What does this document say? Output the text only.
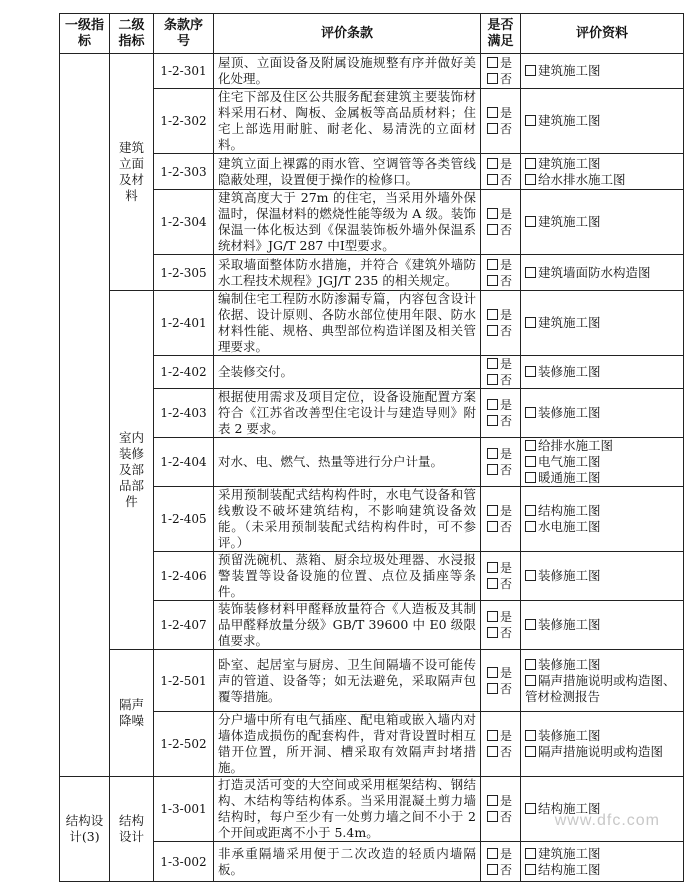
一级指标	二级指标	条款序号	评价条款	是否满足	评价资料
	建筑立面及材料	1-2-301	屋顶、立面设备及附属设施规整有序并做好美化处理。	是
否	建筑施工图

		1-2-302	住宅下部及住区公共服务配套建筑主要装饰材料采用石材、陶板、金属板等高品质材料；住宅上部选用耐脏、耐老化、易清洗的立面材料。	是
否	建筑施工图

		1-2-303	建筑立面上裸露的雨水管、空调管等各类管线隐蔽处理，设置便于操作的检修口。	是
否	建筑施工图
给水排水施工图

		1-2-304	建筑高度大于 27m 的住宅，当采用外墙外保温时，保温材料的燃烧性能等级为 A 级。装饰保温一体化板达到《保温装饰板外墙外保温系统材料》JG/T 287 中Ⅰ型要求。	是
否	建筑施工图

		1-2-305	采取墙面整体防水措施，并符合《建筑外墙防水工程技术规程》JGJ/T 235 的相关规定。	是
否	建筑墙面防水构造图

	室内装修及部品部件	1-2-401	编制住宅工程防水防渗漏专篇，内容包含设计依据、设计原则、各防水部位使用年限、防水材料性能、规格、典型部位构造详图及相关管理要求。	是
否	建筑施工图

		1-2-402	全装修交付。	是
否	装修施工图

		1-2-403	根据使用需求及项目定位，设备设施配置方案符合《江苏省改善型住宅设计与建造导则》附表 2 要求。	是
否	装修施工图

		1-2-404	对水、电、燃气、热量等进行分户计量。	是
否	给排水施工图
电气施工图
暖通施工图

		1-2-405	采用预制装配式结构构件时，水电气设备和管线敷设不破坏建筑结构，不影响建筑设备效能。（未采用预制装配式结构构件时，可不参评。）	是
否	结构施工图
水电施工图

		1-2-406	预留洗碗机、蒸箱、厨余垃圾处理器、水浸报警装置等设备设施的位置、点位及插座等条件。	是
否	装修施工图

		1-2-407	装饰装修材料甲醛释放量符合《人造板及其制品甲醛释放量分级》GB/T 39600 中 E0 级限值要求。	是
否	装修施工图

	隔声降噪	1-2-501	卧室、起居室与厨房、卫生间隔墙不设可能传声的管道、设备等；如无法避免，采取隔声包覆等措施。	是
否	装修施工图
隔声措施说明或构造图、管材检测报告

		1-2-502	分户墙中所有电气插座、配电箱或嵌入墙内对墙体造成损伤的配套构件，背对背设置时相互错开位置，所开洞、槽采取有效隔声封堵措施。	是
否	装修施工图
隔声措施说明或构造图

结构设计(3)	结构设计	1-3-001	打造灵活可变的大空间或采用框架结构、钢结构、木结构等结构体系。当采用混凝土剪力墙结构时，每户至少有一处剪力墙之间不小于 2 个开间或距离不小于 5.4m。	是
否	结构施工图

		1-3-002	非承重隔墙采用便于二次改造的轻质内墙隔板。	是
否	建筑施工图
结构施工图
www.dfc.com
